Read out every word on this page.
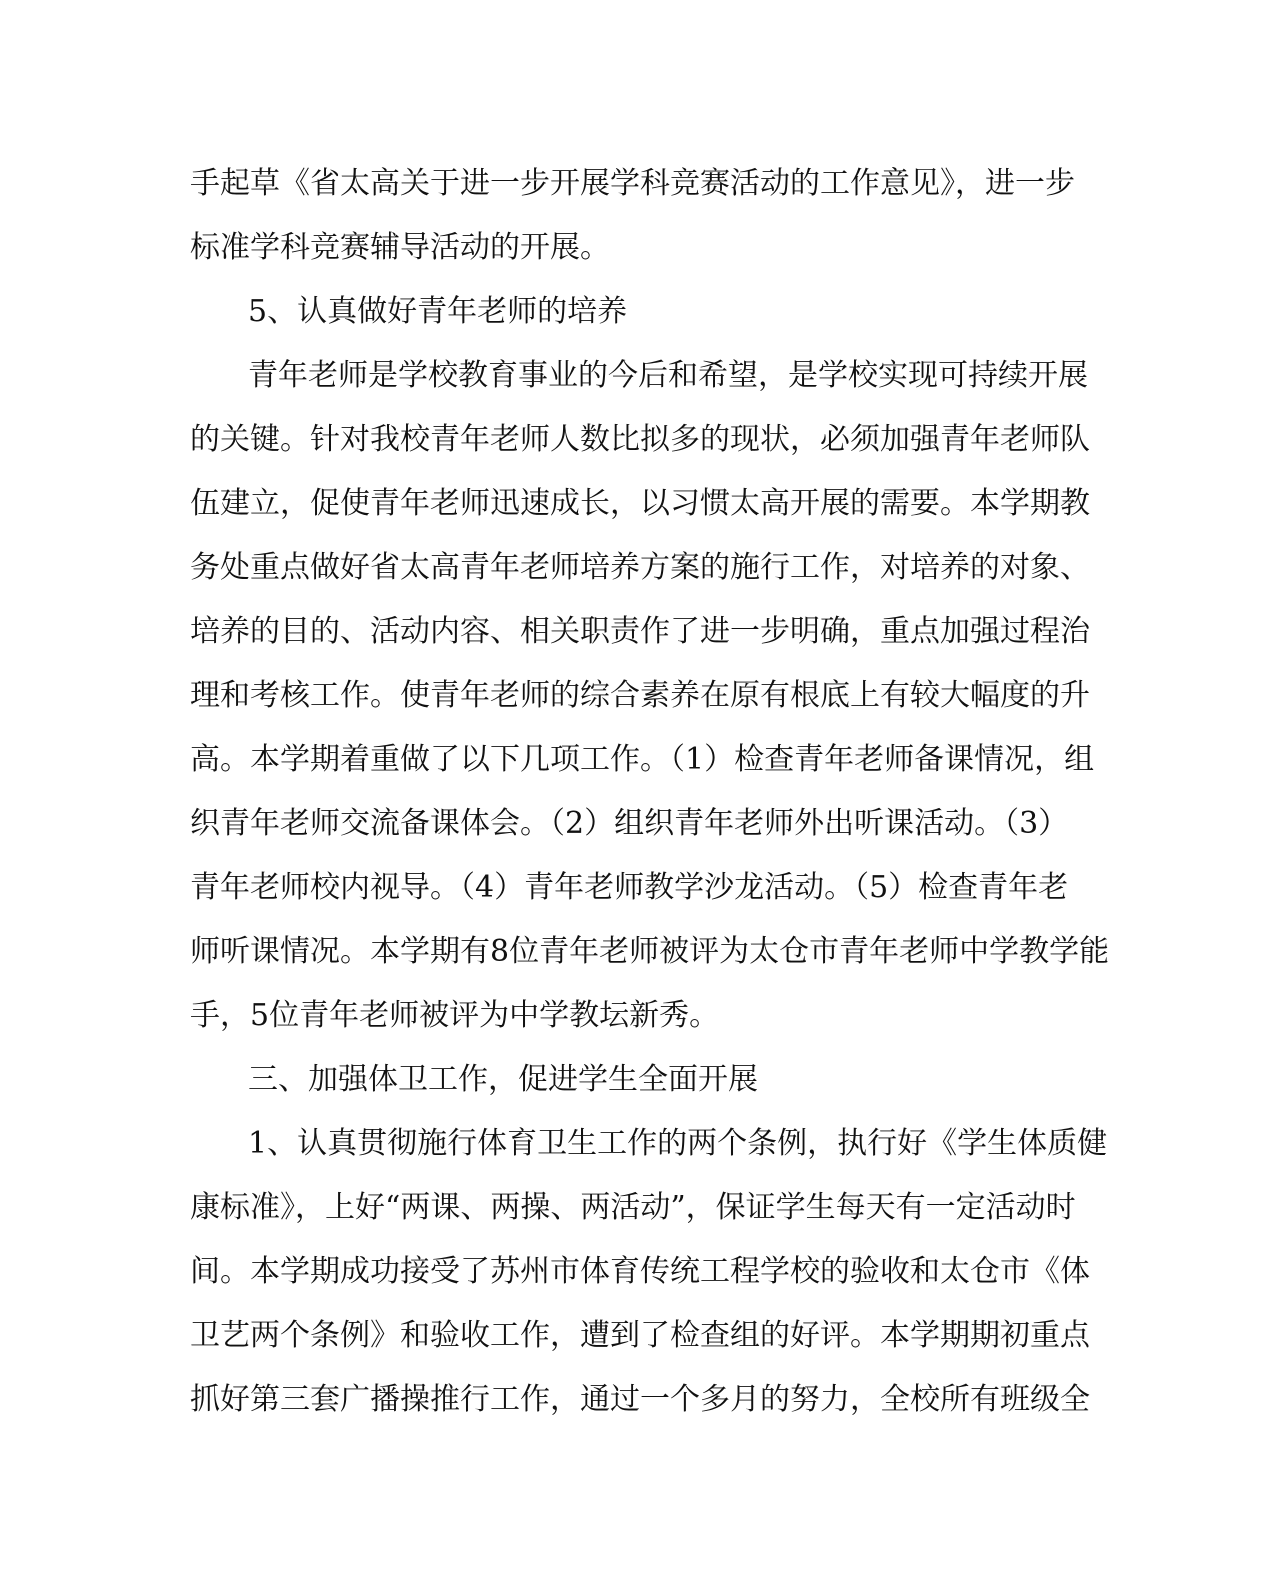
手起草《省太高关于进一步开展学科竞赛活动的工作意见》，进一步
标准学科竞赛辅导活动的开展。
5、认真做好青年老师的培养
青年老师是学校教育事业的今后和希望，是学校实现可持续开展
的关键。针对我校青年老师人数比拟多的现状，必须加强青年老师队
伍建立，促使青年老师迅速成长，以习惯太高开展的需要。本学期教
务处重点做好省太高青年老师培养方案的施行工作，对培养的对象、
培养的目的、活动内容、相关职责作了进一步明确，重点加强过程治
理和考核工作。使青年老师的综合素养在原有根底上有较大幅度的升
高。本学期着重做了以下几项工作。（1）检查青年老师备课情况，组
织青年老师交流备课体会。（2）组织青年老师外出听课活动。（3）
青年老师校内视导。（4）青年老师教学沙龙活动。（5）检查青年老
师听课情况。本学期有8位青年老师被评为太仓市青年老师中学教学能
手，5位青年老师被评为中学教坛新秀。
三、加强体卫工作，促进学生全面开展
1、认真贯彻施行体育卫生工作的两个条例，执行好《学生体质健
康标准》，上好“两课、两操、两活动”，保证学生每天有一定活动时
间。本学期成功接受了苏州市体育传统工程学校的验收和太仓市《体
卫艺两个条例》和验收工作，遭到了检查组的好评。本学期期初重点
抓好第三套广播操推行工作，通过一个多月的努力，全校所有班级全
